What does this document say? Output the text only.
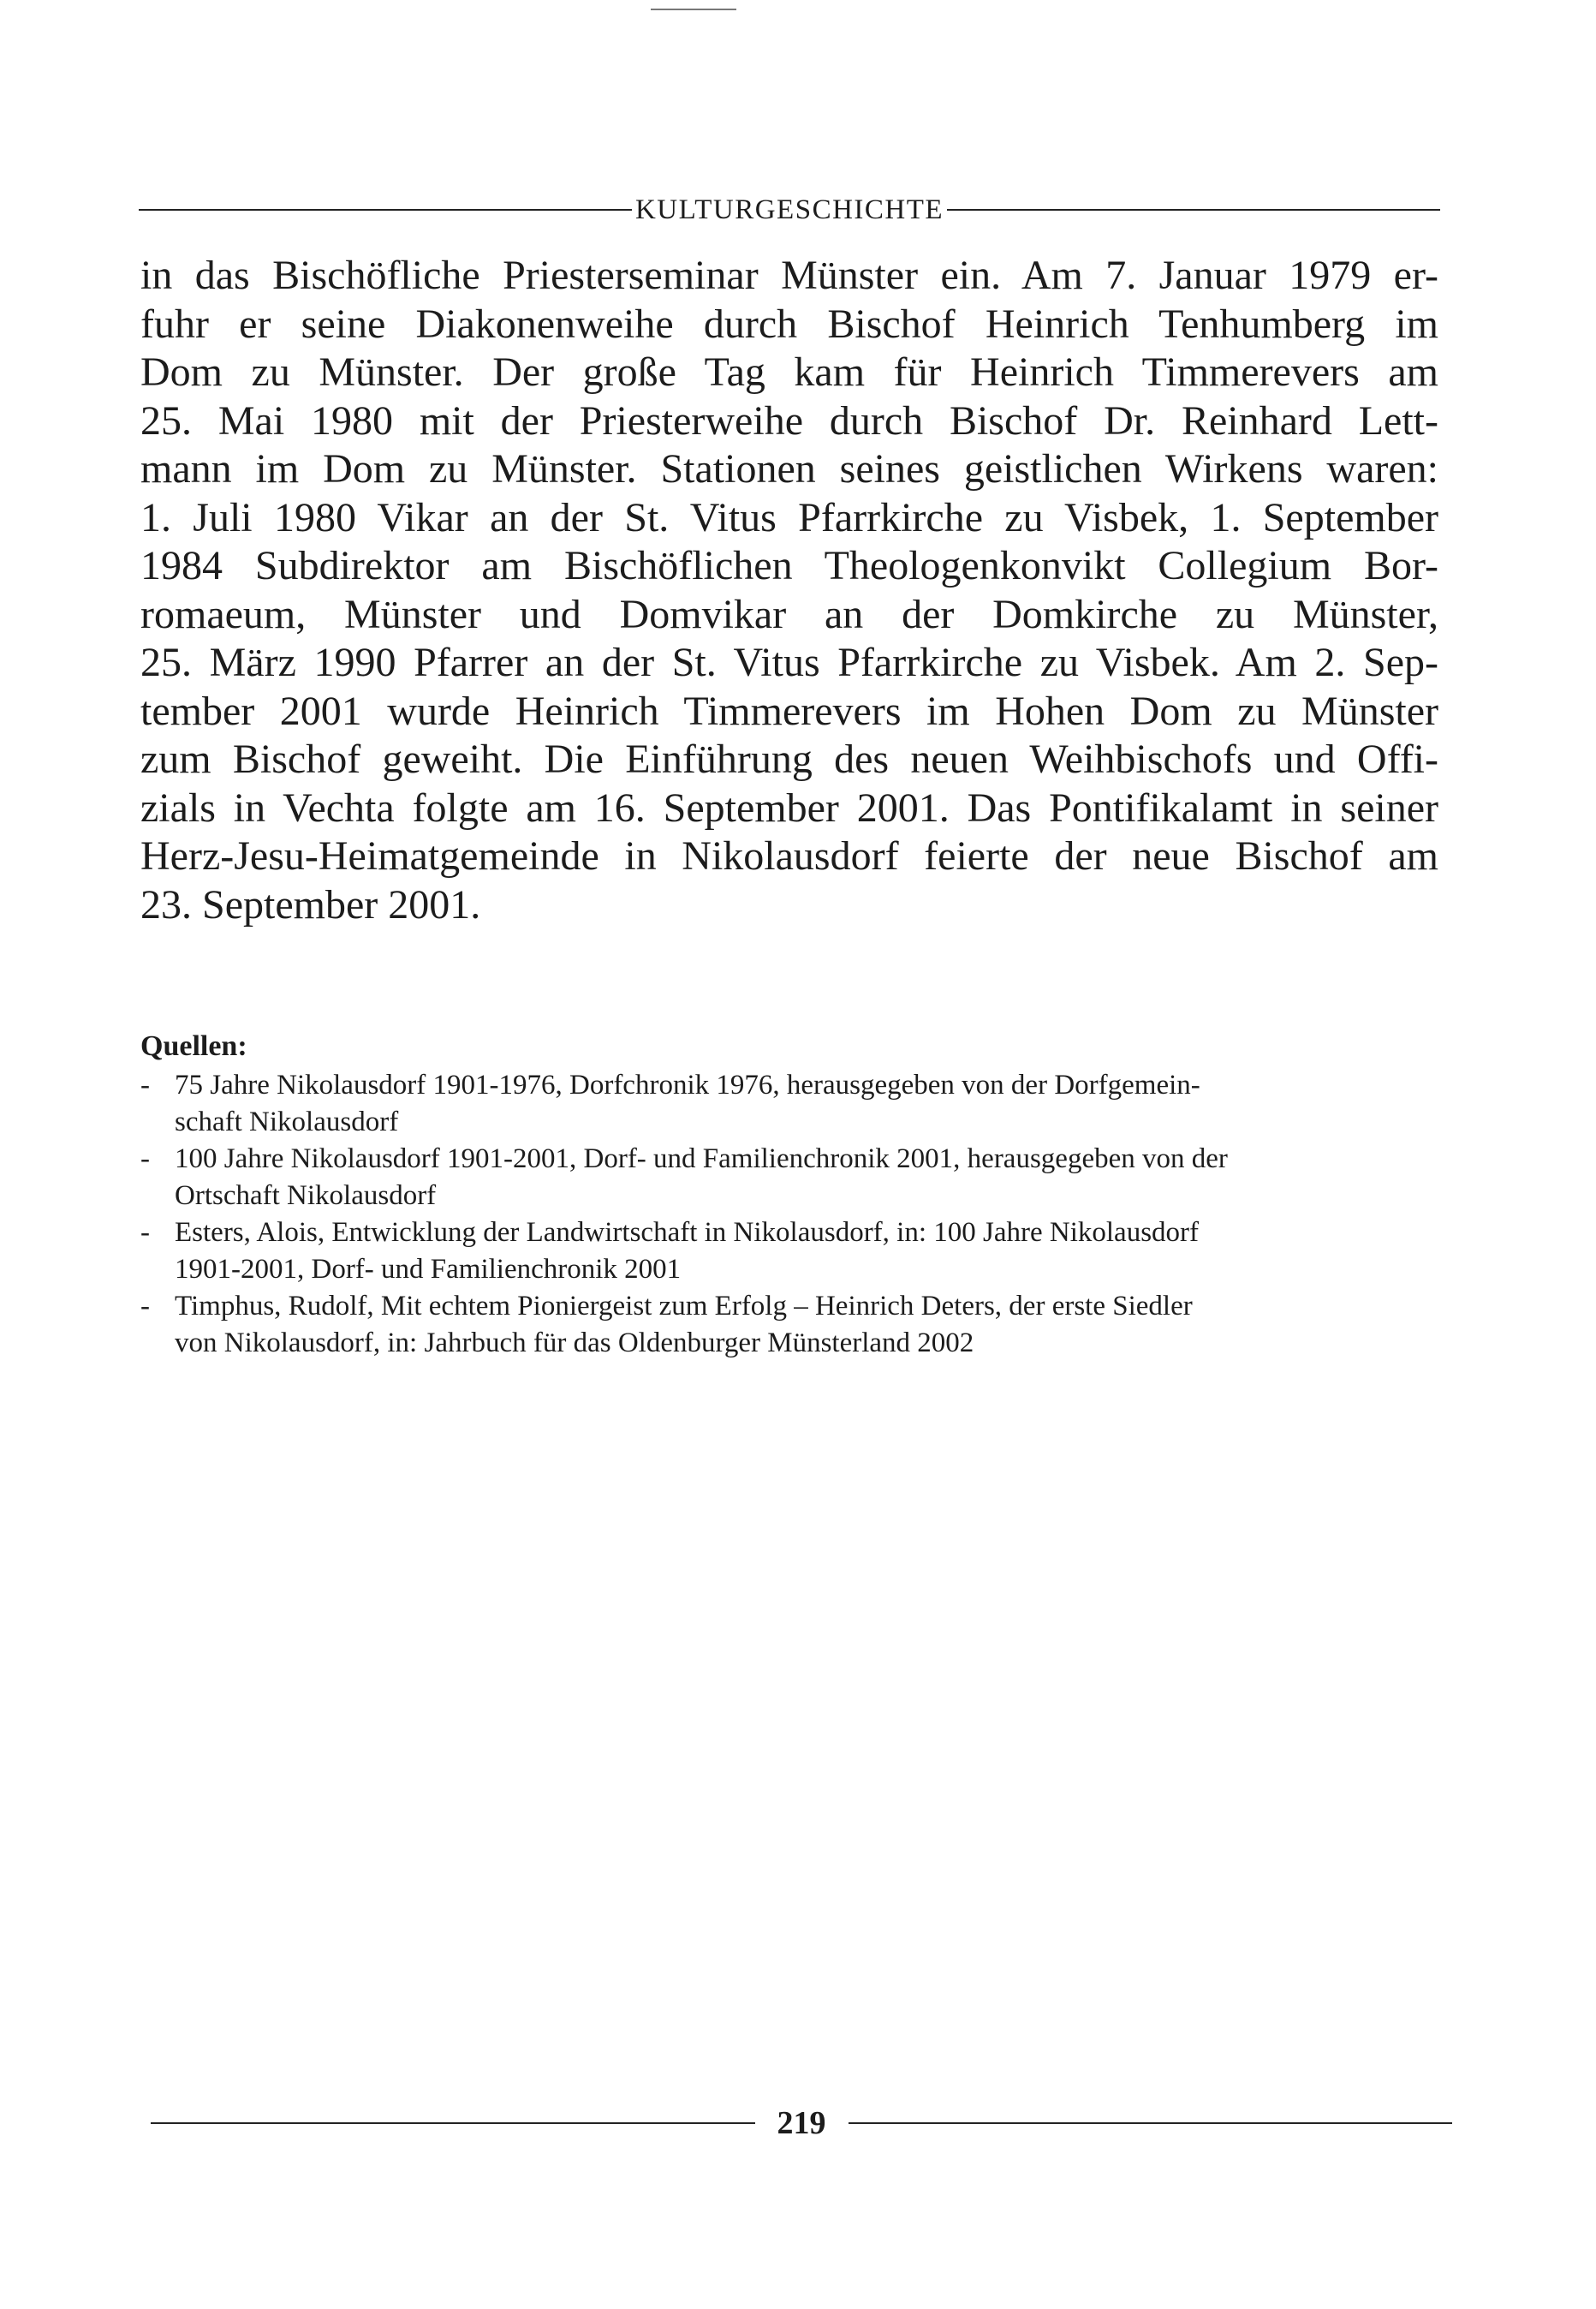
KULTURGESCHICHTE
in das Bischöfliche Priesterseminar Münster ein. Am 7. Januar 1979 er-
fuhr er seine Diakonenweihe durch Bischof Heinrich Tenhumberg im
Dom zu Münster. Der große Tag kam für Heinrich Timmerevers am
25. Mai 1980 mit der Priesterweihe durch Bischof Dr. Reinhard Lett-
mann im Dom zu Münster. Stationen seines geistlichen Wirkens waren:
1. Juli 1980 Vikar an der St. Vitus Pfarrkirche zu Visbek, 1. September
1984 Subdirektor am Bischöflichen Theologenkonvikt Collegium Bor-
romaeum, Münster und Domvikar an der Domkirche zu Münster,
25. März 1990 Pfarrer an der St. Vitus Pfarrkirche zu Visbek. Am 2. Sep-
tember 2001 wurde Heinrich Timmerevers im Hohen Dom zu Münster
zum Bischof geweiht. Die Einführung des neuen Weihbischofs und Offi-
zials in Vechta folgte am 16. September 2001. Das Pontifikalamt in seiner
Herz-Jesu-Heimatgemeinde in Nikolausdorf feierte der neue Bischof am
23. September 2001.
Quellen:
- 75 Jahre Nikolausdorf 1901-1976, Dorfchronik 1976, herausgegeben von der Dorfgemein-
schaft Nikolausdorf
- 100 Jahre Nikolausdorf 1901-2001, Dorf- und Familienchronik 2001, herausgegeben von der
Ortschaft Nikolausdorf
- Esters, Alois, Entwicklung der Landwirtschaft in Nikolausdorf, in: 100 Jahre Nikolausdorf
1901-2001, Dorf- und Familienchronik 2001
- Timphus, Rudolf, Mit echtem Pioniergeist zum Erfolg – Heinrich Deters, der erste Siedler
von Nikolausdorf, in: Jahrbuch für das Oldenburger Münsterland 2002
219
